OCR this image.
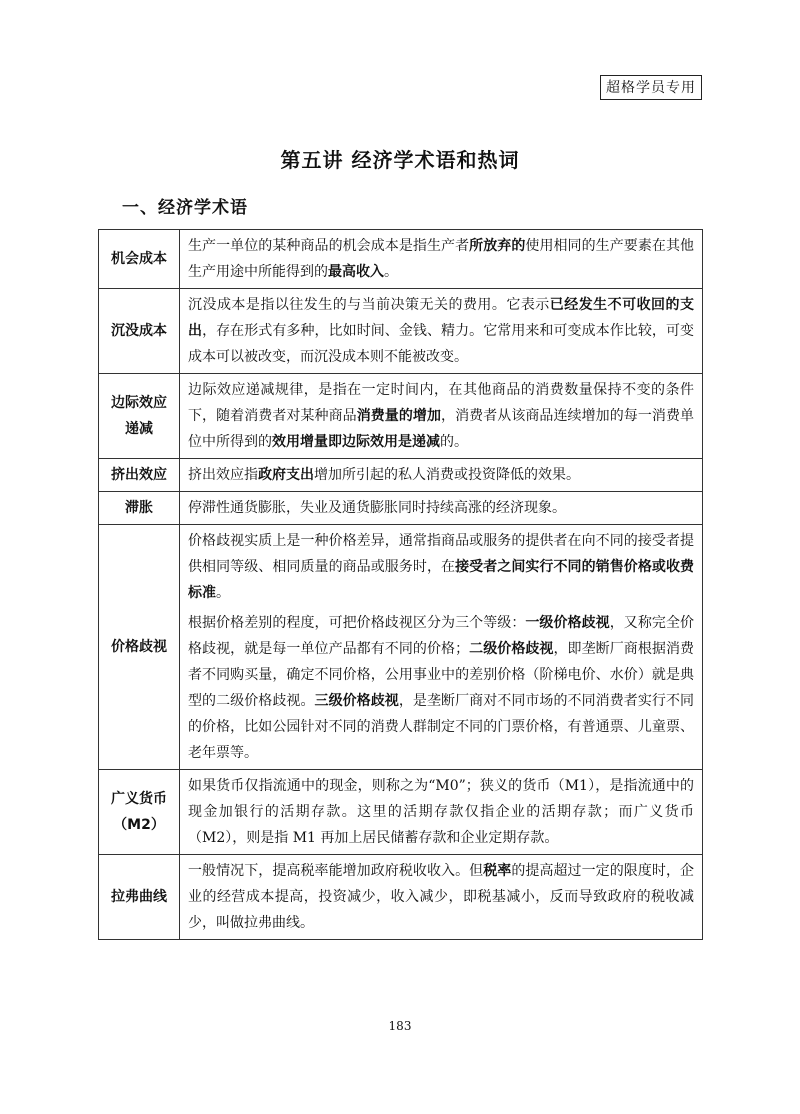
超格学员专用
第五讲 经济学术语和热词
一、经济学术语
机会成本	生产一单位的某种商品的机会成本是指生产者所放弃的使用相同的生产要素在其他生产用途中所能得到的最高收入。

沉没成本	沉没成本是指以往发生的与当前决策无关的费用。它表示已经发生不可收回的支出，存在形式有多种，比如时间、金钱、精力。它常用来和可变成本作比较，可变成本可以被改变，而沉没成本则不能被改变。

边际效应
递减	边际效应递减规律，是指在一定时间内，在其他商品的消费数量保持不变的条件下，随着消费者对某种商品消费量的增加，消费者从该商品连续增加的每一消费单位中所得到的效用增量即边际效用是递减的。

挤出效应	挤出效应指政府支出增加所引起的私人消费或投资降低的效果。

滞胀	停滞性通货膨胀，失业及通货膨胀同时持续高涨的经济现象。

价格歧视	价格歧视实质上是一种价格差异，通常指商品或服务的提供者在向不同的接受者提供相同等级、相同质量的商品或服务时，在接受者之间实行不同的销售价格或收费标准。

根据价格差别的程度，可把价格歧视区分为三个等级：一级价格歧视，又称完全价格歧视，就是每一单位产品都有不同的价格；二级价格歧视，即垄断厂商根据消费者不同购买量，确定不同价格，公用事业中的差别价格（阶梯电价、水价）就是典型的二级价格歧视。三级价格歧视，是垄断厂商对不同市场的不同消费者实行不同的价格，比如公园针对不同的消费人群制定不同的门票价格，有普通票、儿童票、老年票等。

广义货币
（M2）	如果货币仅指流通中的现金，则称之为“M0”；狭义的货币（M1），是指流通中的现金加银行的活期存款。这里的活期存款仅指企业的活期存款；而广义货币（M2），则是指 M1 再加上居民储蓄存款和企业定期存款。

拉弗曲线	一般情况下，提高税率能增加政府税收收入。但税率的提高超过一定的限度时，企业的经营成本提高，投资减少，收入减少，即税基减小，反而导致政府的税收减少，叫做拉弗曲线。

183
